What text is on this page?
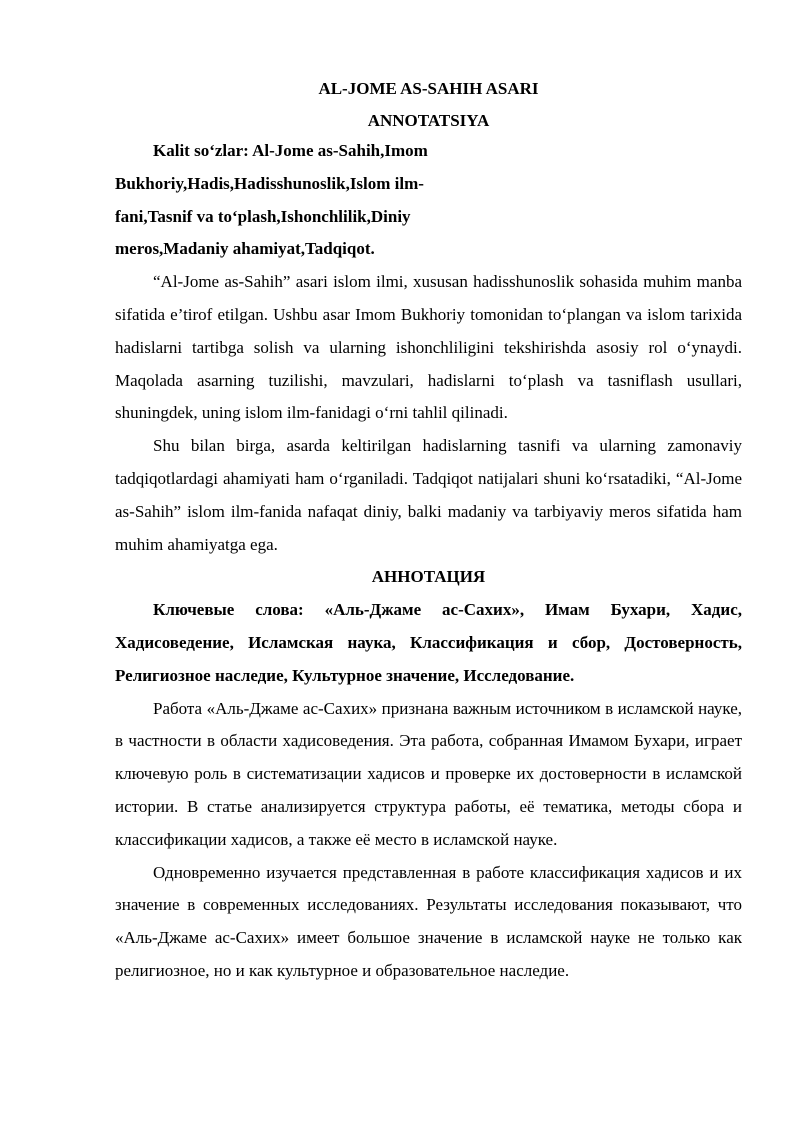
AL-JOME AS-SAHIH ASARI

ANNOTATSIYA

Kalit so‘zlar: Al-Jome as-Sahih,Imom Bukhoriy,Hadis,Hadisshunoslik,Islom ilm-fani,Tasnif va to‘plash,Ishonchlilik,Diniy meros,Madaniy ahamiyat,Tadqiqot.

“Al-Jome as-Sahih” asari islom ilmi, xususan hadisshunoslik sohasida muhim manba sifatida e’tirof etilgan. Ushbu asar Imom Bukhoriy tomonidan to‘plangan va islom tarixida hadislarni tartibga solish va ularning ishonchliligini tekshirishda asosiy rol o‘ynaydi. Maqolada asarning tuzilishi, mavzulari, hadislarni to‘plash va tasniflash usullari, shuningdek, uning islom ilm-fanidagi o‘rni tahlil qilinadi.

Shu bilan birga, asarda keltirilgan hadislarning tasnifi va ularning zamonaviy tadqiqotlardagi ahamiyati ham o‘rganiladi. Tadqiqot natijalari shuni ko‘rsatadiki, “Al-Jome as-Sahih” islom ilm-fanida nafaqat diniy, balki madaniy va tarbiyaviy meros sifatida ham muhim ahamiyatga ega.

АННОТАЦИЯ

Ключевые слова: «Аль-Джаме ас-Сахих», Имам Бухари, Хадис, Хадисоведение, Исламская наука, Классификация и сбор, Достоверность, Религиозное наследие, Культурное значение, Исследование.

Работа «Аль-Джаме ас-Сахих» признана важным источником в исламской науке, в частности в области хадисоведения. Эта работа, собранная Имамом Бухари, играет ключевую роль в систематизации хадисов и проверке их достоверности в исламской истории. В статье анализируется структура работы, её тематика, методы сбора и классификации хадисов, а также её место в исламской науке.

Одновременно изучается представленная в работе классификация хадисов и их значение в современных исследованиях. Результаты исследования показывают, что «Аль-Джаме ас-Сахих» имеет большое значение в исламской науке не только как религиозное, но и как культурное и образовательное наследие.
